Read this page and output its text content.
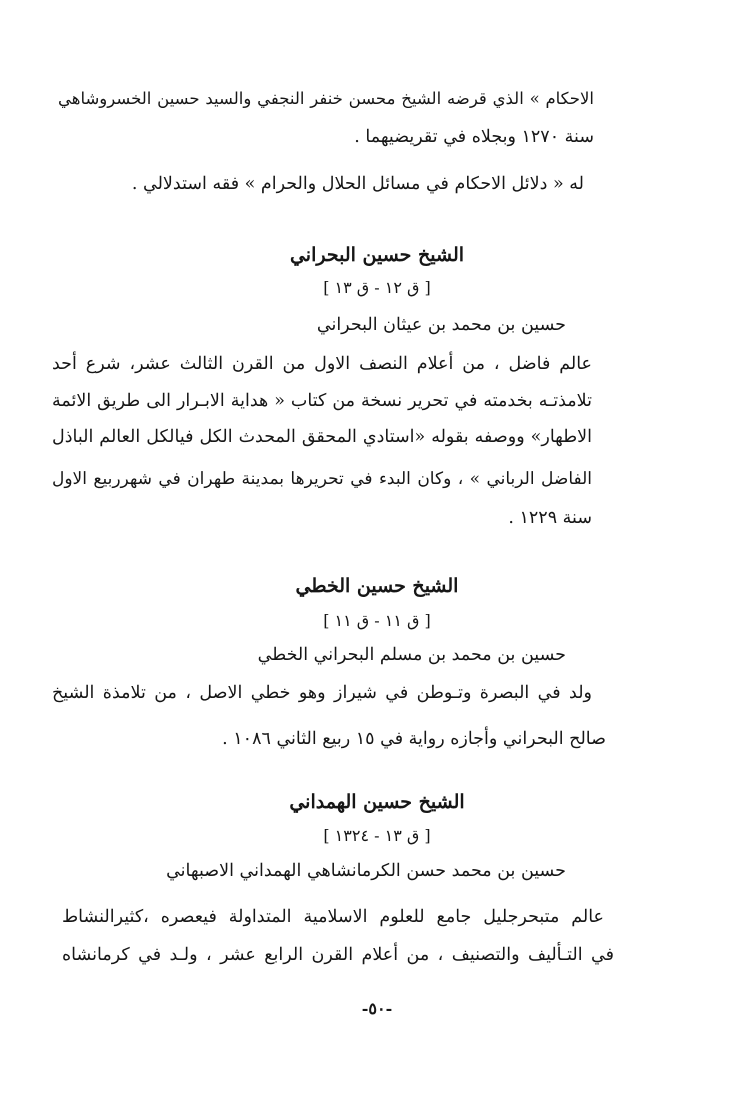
الاحكام » الذي قرضه الشيخ محسن خنفر النجفي والسيد حسين الخسروشاهي
سنة ١٢٧٠ وبجلاه في تقريضيهما .
له « دلائل الاحكام في مسائل الحلال والحرام » فقه استدلالي .
الشيخ حسين البحراني
[ ق ١٢ - ق ١٣ ]
حسين بن محمد بن عيثان البحراني
عالم فاضل ، من أعلام النصف الاول من القرن الثالث عشر، شرع أحد
تلامذتـه بخدمته في تحرير نسخة من كتاب « هداية الابـرار الى طريق الائمة
الاطهار» ووصفه بقوله «استادي المحقق المحدث الكل فيالكل العالم الباذل
الفاضل الرباني » ، وكان البدء في تحريرها بمدينة طهران في شهرربيع الاول
سنة ١٢٢٩ .
الشيخ حسين الخطي
[ ق ١١ - ق ١١ ]
حسين بن محمد بن مسلم البحراني الخطي
ولد في البصرة وتـوطن في شيراز وهو خطي الاصل ، من تلامذة الشيخ
صالح البحراني وأجازه رواية في ١٥ ربيع الثاني ١٠٨٦ .
الشيخ حسين الهمداني
[ ق ١٣ - ١٣٢٤ ]
حسين بن محمد حسن الكرمانشاهي الهمداني الاصبهاني
عالم متبحرجليل جامع للعلوم الاسلامية المتداولة فيعصره ،كثيرالنشاط
في التـأليف والتصنيف ، من أعلام القرن الرابع عشر ، ولـد في كرمانشاه
-٥٠-
